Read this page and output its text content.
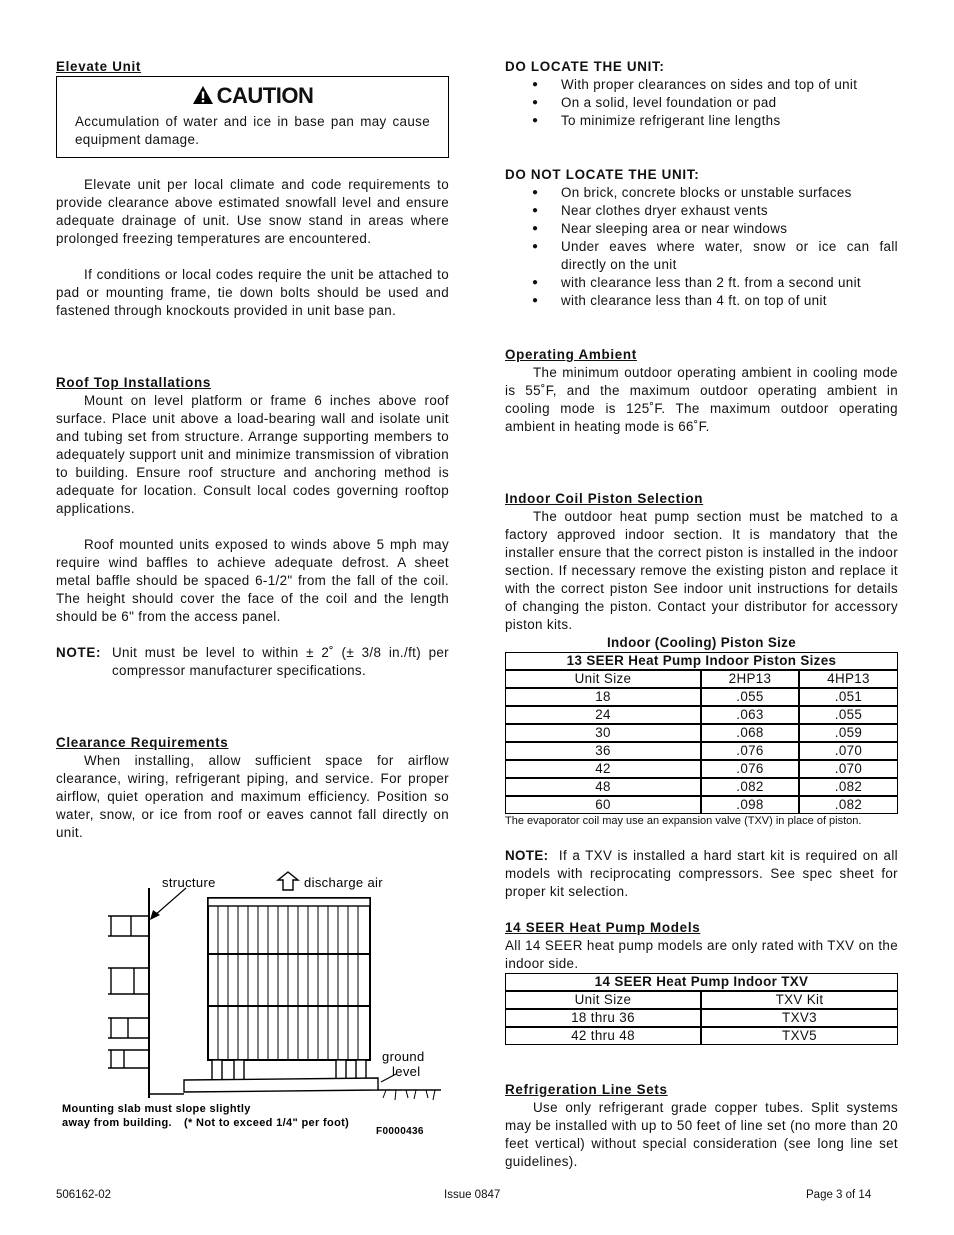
Elevate Unit
CAUTION

Accumulation of water and ice in base pan may cause equipment damage.

Elevate unit per local climate and code requirements to provide clearance above estimated snowfall level and ensure adequate drainage of unit. Use snow stand in areas where prolonged freezing temperatures are encountered.

If conditions or local codes require the unit be attached to pad or mounting frame, tie down bolts should be used and fastened through knockouts provided in unit base pan.

Roof Top Installations

Mount on level platform or frame 6 inches above roof surface. Place unit above a load-bearing wall and isolate unit and tubing set from structure. Arrange supporting members to adequately support unit and minimize transmission of vibration to building. Ensure roof structure and anchoring method is adequate for location. Consult local codes governing rooftop applications.

Roof mounted units exposed to winds above 5 mph may require wind baffles to achieve adequate defrost. A sheet metal baffle should be spaced 6-1/2" from the fall of the coil. The height should cover the face of the coil and the length should be 6" from the access panel.

NOTE: Unit must be level to within ± 2˚ (± 3/8 in./ft) per compressor manufacturer specifications.

Clearance Requirements

When installing, allow sufficient space for airflow clearance, wiring, refrigerant piping, and service. For proper airflow, quiet operation and maximum efficiency. Position so water, snow, or ice from roof or eaves cannot fall directly on unit.

structure	discharge air
ground
level
Mounting slab must slope slightly
away from building. (* Not to exceed 1/4" per foot)
F0000436
DO LOCATE THE UNIT:
● With proper clearances on sides and top of unit
● On a solid, level foundation or pad
● To minimize refrigerant line lengths
DO NOT LOCATE THE UNIT:
● On brick, concrete blocks or unstable surfaces
● Near clothes dryer exhaust vents
● Near sleeping area or near windows
● Under eaves where water, snow or ice can fall directly on the unit
● with clearance less than 2 ft. from a second unit
● with clearance less than 4 ft. on top of unit
Operating Ambient

The minimum outdoor operating ambient in cooling mode is 55˚F, and the maximum outdoor operating ambient in cooling mode is 125˚F. The maximum outdoor operating ambient in heating mode is 66˚F.

Indoor Coil Piston Selection

The outdoor heat pump section must be matched to a factory approved indoor section. It is mandatory that the installer ensure that the correct piston is installed in the indoor section. If necessary remove the existing piston and replace it with the correct piston See indoor unit instructions for details of changing the piston. Contact your distributor for accessory piston kits.

Indoor (Cooling) Piston Size
13 SEER Heat Pump Indoor Piston Sizes		
Unit Size	2HP13	4HP13
18	.055	.051
24	.063	.055
30	.068	.059
36	.076	.070
42	.076	.070
48	.082	.082
60	.098	.082
The evaporator coil may use an expansion valve (TXV) in place of piston.

NOTE: If a TXV is installed a hard start kit is required on all models with reciprocating compressors. See spec sheet for proper kit selection.

14 SEER Heat Pump Models

All 14 SEER heat pump models are only rated with TXV on the indoor side.

14 SEER Heat Pump Indoor TXV	
Unit Size	TXV Kit
18 thru 36	TXV3
42 thru 48	TXV5
Refrigeration Line Sets

Use only refrigerant grade copper tubes. Split systems may be installed with up to 50 feet of line set (no more than 20 feet vertical) without special consideration (see long line set guidelines).

506162-02	Issue 0847	Page 3 of 14
